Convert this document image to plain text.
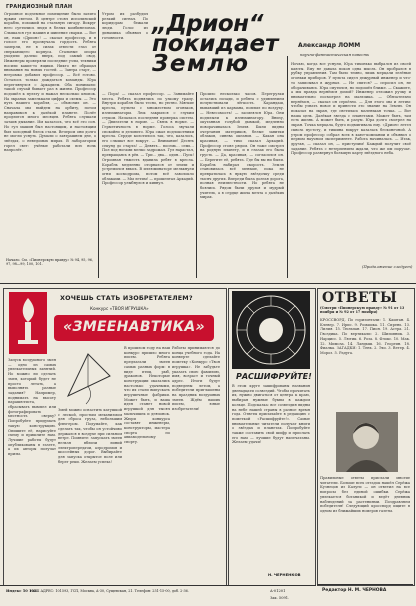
ГРАНДИОЗНЫЙ ПЛАН
Огромное подземное помещение было залито ярким светом. В центре стоял исполинский корабль, похожий на стальную сигару. Вокруг него суетились люди в белых комбинезонах. Слышался гул машин и шипение сварки. — Вот он, наш «Дрион»! — сказал профессор, и в голосе его прозвучала гордость. Ребята замерли, не в силах отвести глаз от сверкающего корпуса. Стальные опоры уходили далеко вверх, под самый свод. Инженеры проверяли последние узлы, техники носили какие-то ящики. Никто не обращал внимания на новых гостей. — Завтра старт, — негромко добавил профессор. — Всё готово. Осталось только дождаться команды. Юра переглянулся с Аркадием. Оба понимали: такой случай бывает раз в жизни. Профессор подошёл к пульту и нажал несколько кнопок. На экранах замелькали цифры и схемы. — Это путь нашего корабля, — объяснил он. — Сначала мы выйдем на орбиту, потом направимся к далёкой планете. Полёт продлится много месяцев. Ребята слушали затаив дыхание. Им казалось, что всё это сон. Но гул машин был настоящим, и настоящим был холодный блеск стали. Вечером они долго не могли уснуть. Думали о завтрашнем дне, о звёздах, о неведомых мирах. В лаборатории горел свет: учёные работали всю ночь напролёт.
Утром их разбудил резкий сигнал. По коридорам бежали люди. Голос из динамика объявил о готовности.
— Пора! — сказал профессор. — Занимайте места. Ребята поднялись по узкому трапу. Внутри корабля было тесно, но уютно. Мягкие кресла, пульты с множеством огоньков, иллюминаторы. Люк закрылся с глухим стуком. Началась последняя проверка систем. — Двигатели в норме. — Связь в норме. — Герметичность в норме. Голоса звучали спокойно и деловито. Юра сжал подлокотники кресла. Сердце колотилось так, что, казалось, его слышат все вокруг. — Внимание! Десять секунд до старта! — Девять… восемь… семь… Пол под ногами мелко задрожал. Гул нарастал, превращаясь в рёв. — Три… два… один… Пуск! Огромная тяжесть вдавила ребят в кресла. Корабль медленно оторвался от земли и устремился ввысь. В иллюминаторе мелькнули огни космодрома, потом всё заволокло облаками. — Мы летим! — прошептал Аркадий. Профессор улыбнулся и кивнул.
„Дрион“
покидает
Землю
Прошло несколько часов. Перегрузки остались позади, и ребята с удивлением почувствовали лёгкость. Карандаш, выпавший из кармана, поплыл по воздуху. — Невесомость! — засмеялся Юра. Они подплыли к иллюминатору. Внизу, окутанная голубой дымкой, медленно поворачивалась Земля. Были видны очертания материков, белые завитки облаков, синева океанов. — Какая она красивая, — тихо сказал Аркадий. Профессор стоял рядом. Он тоже смотрел на родную планету, и в глазах его была грусть. — Да, красивая, — согласился он. — Берегите её, ребята. Где бы вы ни были. Корабль набирал скорость. Земля становилась всё меньше, пока не превратилась в яркую звёздочку среди тысяч других. Впереди была долгая дорога, полная неизвестности. Но ребята не боялись. Рядом были друзья и мудрый учитель, а в сердце жила мечта о далёких мирах.
Александр ЛОММ
научно-фантастическая повесть
Ночью, когда все уснули, Юра тихонько выбрался из своей каюты. Ему не давала покоя одна мысль. Он пробрался в рубку управления. Там было темно, лишь мерцали зелёные огоньки приборов. У пульта сидел дежурный инженер и что-то записывал в журнал. — Не спится? — спросил он, не оборачиваясь. Юра смутился, но подошёл ближе. — Скажите, а мы правда вернёмся домой? Инженер отложил ручку и внимательно посмотрел на мальчика. — Обязательно вернёмся, — сказал он серьёзно. — Для этого мы и летим: чтобы узнать новое и принести это знание на Землю. Он показал на экран, где светилась маленькая точка. — Вот наша цель. Далёкая звезда с планетами. Может быть, там есть жизнь. А может быть, и разум. Юра долго смотрел на экран. Точка мерцала, будто подмигивала ему. «Дрион» летел сквозь пустоту, и тишина вокруг казалась бесконечной. А утром профессор собрал всех в кают-компании и объявил о первом научном эксперименте. Работа начиналась. — Итак, друзья, — сказал он, — приступим! Каждый получит своё задание. Ребята с нетерпением ждали, что же им поручат. Профессор развернул большую карту звёздного неба.
(Продолжение следует)
Начало. См. «Пионерскую правду» № 94, 95, 96, 97, 98—99, 100, 101.
ХОЧЕШЬ СТАТЬ ИЗОБРЕТАТЕЛЕМ?
Конкурс «ТВОЯ ИГРУШКА»
«ЗМЕЕНАВТИКА»
Запуск воздушного змея — одно из самых увлекательных занятий. Но можно ли сделать змея, который будет не просто летать, а выполнять разные задания? Например, поднимать на высоту парашютиста, сбрасывать вымпел или фотографировать местность сверху? Попробуйте придумать такую конструкцию. Опишите её, нарисуйте схему и пришлите нам. Лучшие работы будут опубликованы в газете, а их авторы получат призы.
Змей можно оснастить катушкой с леской, простым механизмом для сброса груза, небольшим флюгером. Подумайте, как сделать так, чтобы он устойчиво держался в воздухе при сильном ветре. Помните: запускать змеев нельзя вблизи линий электропередачи, аэродромов и шоссейных дорог. Выбирайте для запуска открытое поле или берег реки. Желаем успеха!
В прошлом году на наш конкурс пришло много писем. Ребята предлагали змеев самых разных форм: в виде птиц, рыб, драконов. Некоторые конструкции оказались настолько удачными, что их стали выпускать игрушечные фабрики. Может быть, и ваша идея станет новой игрушкой для тысяч мальчишек и девчонок. Жюри конкурса составят инженеры, конструкторы, мастера спорта по авиамодельному спорту.
Работы принимаются до конца учебного года. На конверте сделайте пометку «Конкурс «Твоя игрушка». Не забудьте указать свою фамилию, имя, возраст и точный адрес. Итоги будут подведены летом, а победители приглашены на праздник воздушных змеев. Ждём ваших писем, юные изобретатели!
РАСШИФРУЙТЕ!
В этом круге зашифрованы названия двенадцати созвездий. Чтобы прочитать их, нужно двигаться от центра к краю, выбирая нужные буквы в каждом кольце. Подсказка: все созвездия видны на небе нашей страны в разное время года. Ответы присылайте в редакцию с пометкой «Расшифруйте!». Самые внимательные читатели получат книги о звёздах и планетах. Попробуйте также составить свой шифр и прислать его нам — лучшие будут напечатаны. Желаем удачи!
Н. ЧЕРНЕНКОВ
ОТВЕТЫ
(Смотри «Пионерскую правду» № 91 от 13 ноября и № 92 от 17 ноября)
КРОССВОРД. По горизонтали: 1. Каштан. 4. Клевер. 7. Ирис. 9. Ромашка. 11. Сирень. 13. Лилия. 15. Тюльпан. 17. Пион. 19. Астра. 21. Гвоздика. По вертикали: 2. Шиповник. 3. Нарцисс. 5. Лютик. 6. Роза. 8. Флокс. 10. Мак. 12. Мимоза. 14. Ландыш. 16. Георгин. 18. Фиалка. ЗАГАДКИ: 1. Тень. 2. Эхо. 3. Ветер. 4. Мороз. 5. Радуга.
Правильные ответы прислали многие читатели. Больше всех отгадок нашёл Серёжа Кузнецов из Калуги — он ответил на все вопросы без единой ошибки. Серёжа увлекается ботаникой и ведёт дневник наблюдений за растениями. Поздравляем победителя! Следующий кроссворд ищите в одном из ближайших номеров газеты.
Редактор Н. М. ЧЕРНОВА
Индекс 50 103
НАШ АДРЕС: 101593, ГСП, Москва, А-30, Сущевская, 21. Телефон: 251-15-00, доб. 2-36.	А-01201
Зак. 5091.
